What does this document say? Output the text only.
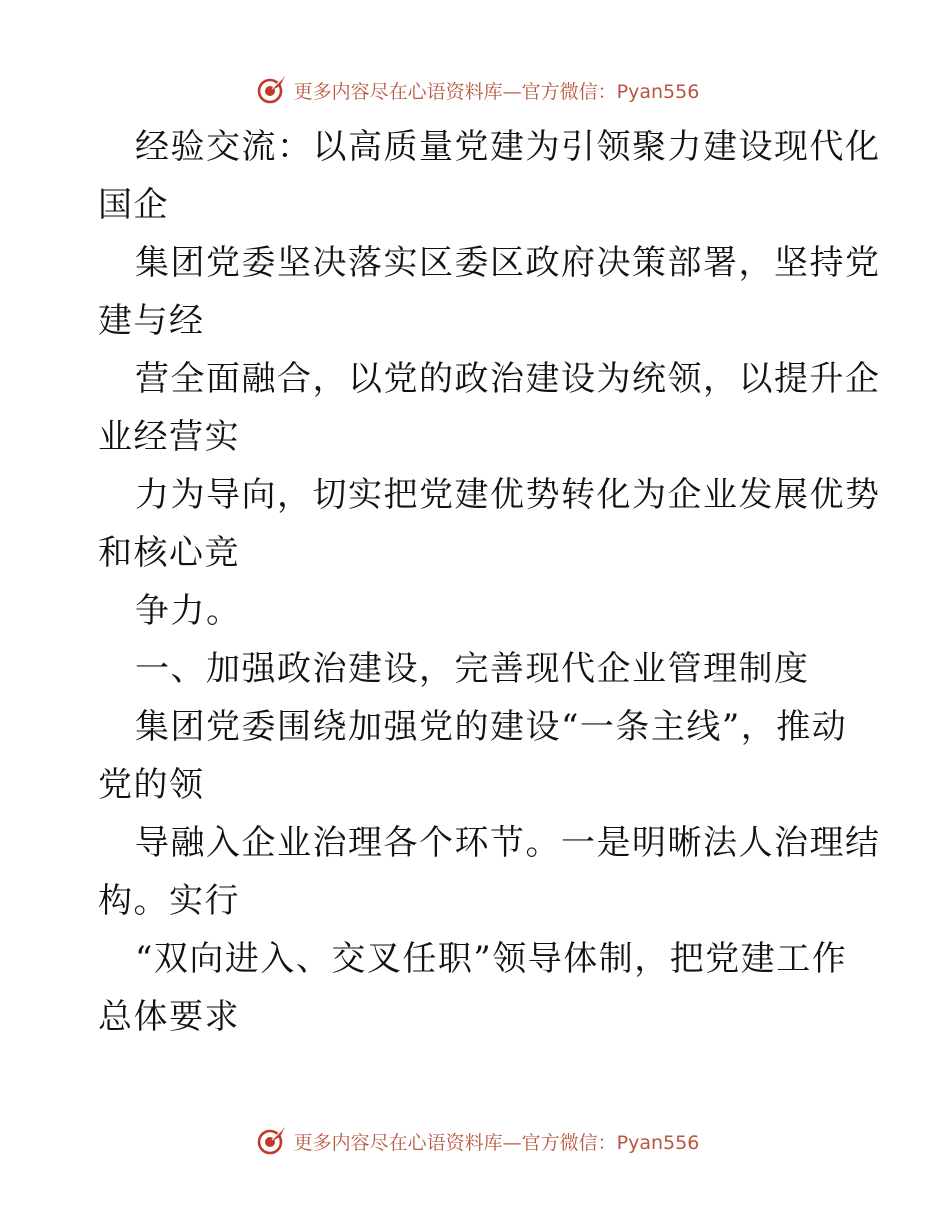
更多内容尽在心语资料库—官方微信：Pyan556
经验交流：以高质量党建为引领聚力建设现代化
国企
集团党委坚决落实区委区政府决策部署，坚持党
建与经
营全面融合，以党的政治建设为统领，以提升企
业经营实
力为导向，切实把党建优势转化为企业发展优势
和核心竞
争力。
一、加强政治建设，完善现代企业管理制度
集团党委围绕加强党的建设“一条主线”，推动
党的领
导融入企业治理各个环节。一是明晰法人治理结
构。实行
“双向进入、交叉任职”领导体制，把党建工作
总体要求
更多内容尽在心语资料库—官方微信：Pyan556
